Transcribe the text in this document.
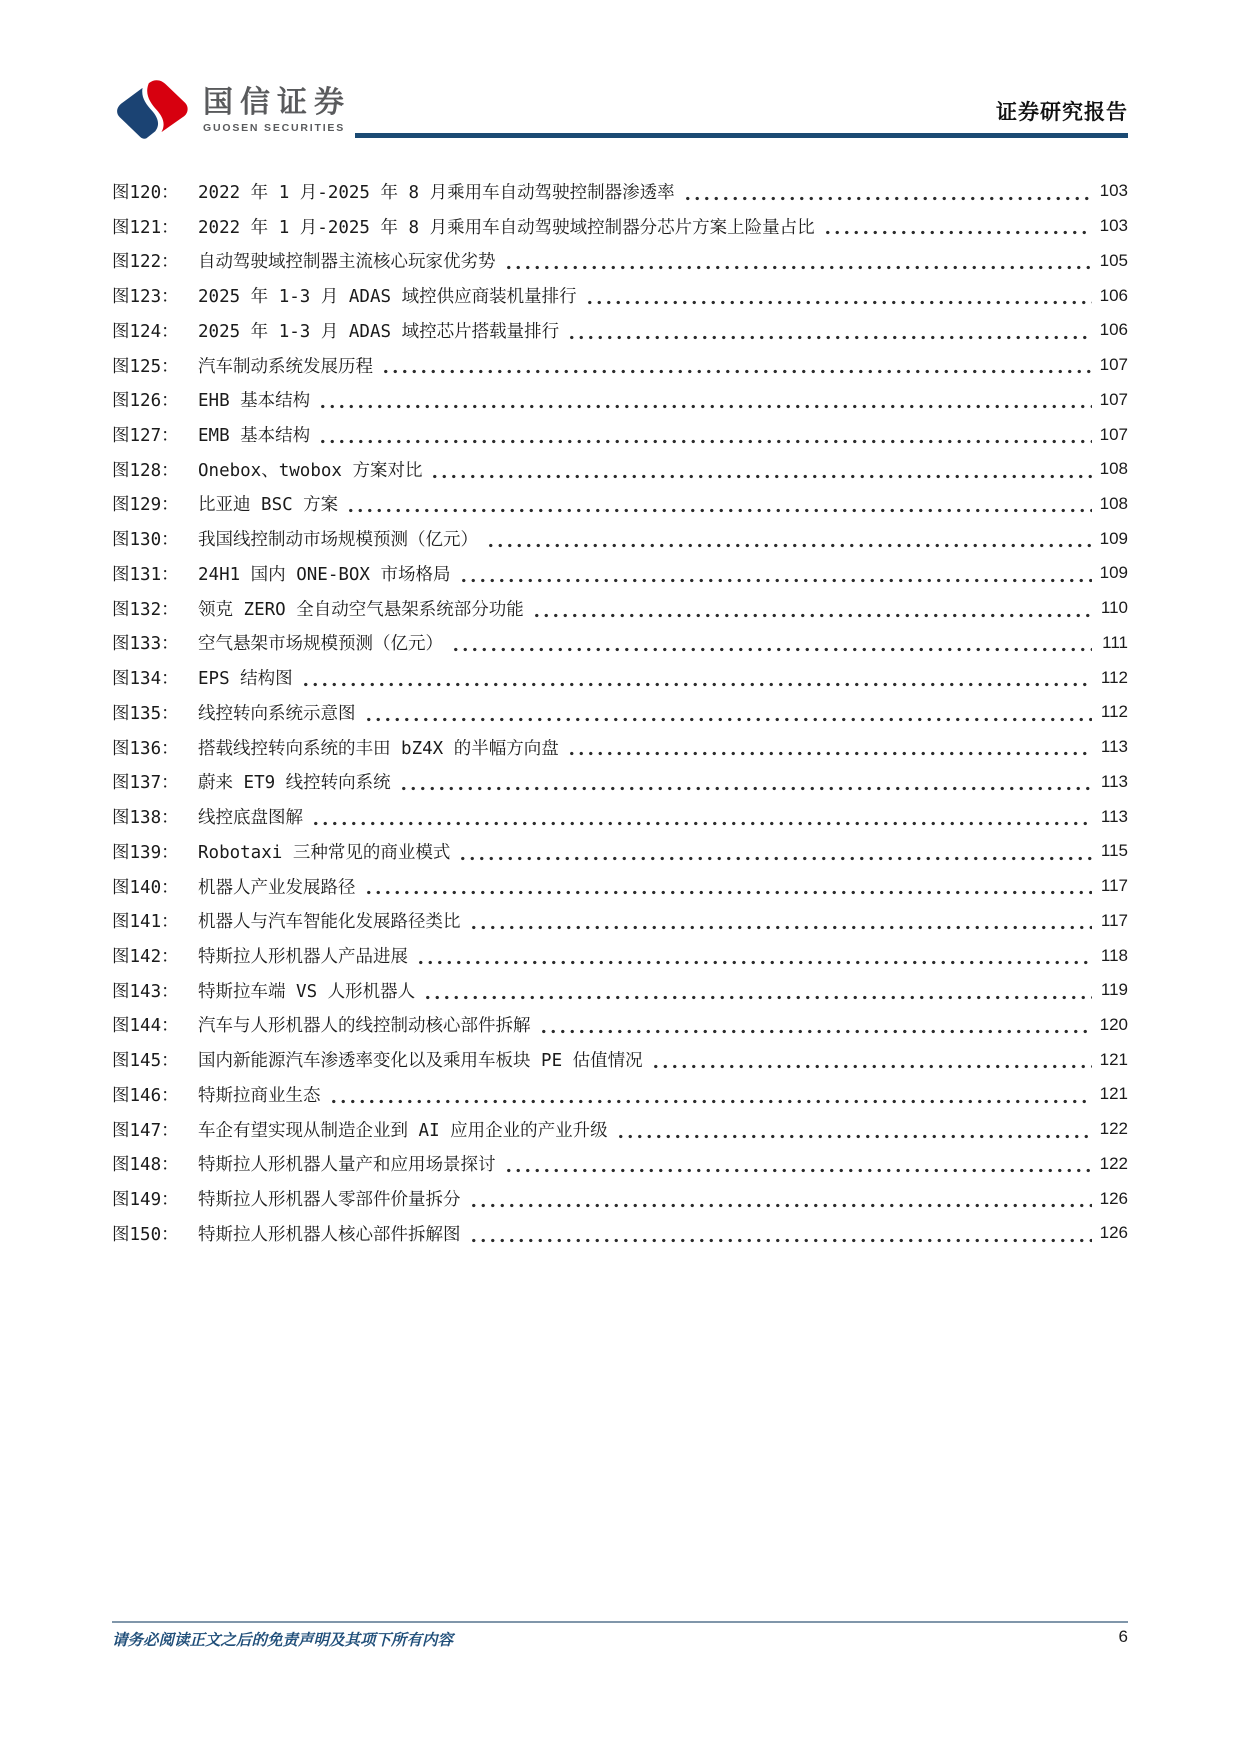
国信证券
GUOSEN SECURITIES
证券研究报告
图120：	2022 年 1 月-2025 年 8 月乘用车自动驾驶控制器渗透率	103
图121：	2022 年 1 月-2025 年 8 月乘用车自动驾驶域控制器分芯片方案上险量占比	103
图122：	自动驾驶域控制器主流核心玩家优劣势	105
图123：	2025 年 1-3 月 ADAS 域控供应商装机量排行	106
图124：	2025 年 1-3 月 ADAS 域控芯片搭载量排行	106
图125：	汽车制动系统发展历程	107
图126：	EHB 基本结构	107
图127：	EMB 基本结构	107
图128：	Onebox、twobox 方案对比	108
图129：	比亚迪 BSC 方案	108
图130：	我国线控制动市场规模预测（亿元）	109
图131：	24H1 国内 ONE-BOX 市场格局	109
图132：	领克 ZERO 全自动空气悬架系统部分功能	110
图133：	空气悬架市场规模预测（亿元）	111
图134：	EPS 结构图	112
图135：	线控转向系统示意图	112
图136：	搭载线控转向系统的丰田 bZ4X 的半幅方向盘	113
图137：	蔚来 ET9 线控转向系统	113
图138：	线控底盘图解	113
图139：	Robotaxi 三种常见的商业模式	115
图140：	机器人产业发展路径	117
图141：	机器人与汽车智能化发展路径类比	117
图142：	特斯拉人形机器人产品进展	118
图143：	特斯拉车端 VS 人形机器人	119
图144：	汽车与人形机器人的线控制动核心部件拆解	120
图145：	国内新能源汽车渗透率变化以及乘用车板块 PE 估值情况	121
图146：	特斯拉商业生态	121
图147：	车企有望实现从制造企业到 AI 应用企业的产业升级	122
图148：	特斯拉人形机器人量产和应用场景探讨	122
图149：	特斯拉人形机器人零部件价量拆分	126
图150：	特斯拉人形机器人核心部件拆解图	126
请务必阅读正文之后的免责声明及其项下所有内容	6
